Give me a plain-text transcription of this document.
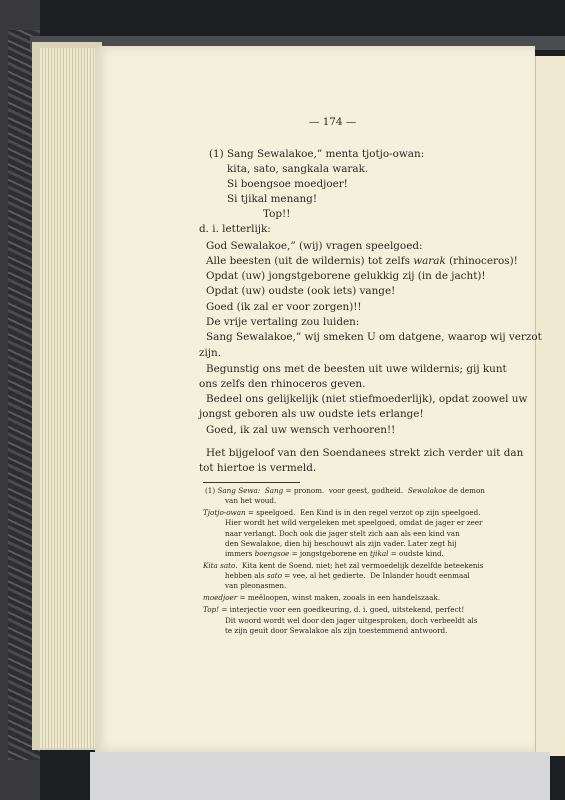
— 174 —
(1) Sang Sewalakoe,” menta tjotjo-owan:
kita, sato, sangkala warak.
Si boengsoe moedjoer!
Si tjikal menang!
Top!!
d. i. letterlijk:
God Sewalakoe,” (wij) vragen speelgoed:
Alle beesten (uit de wildernis) tot zelfs warak (rhinoceros)!
Opdat (uw) jongstgeborene gelukkig zij (in de jacht)!
Opdat (uw) oudste (ook iets) vange!
Goed (ik zal er voor zorgen)!!
De vrije vertaling zou luiden:
Sang Sewalakoe,” wij smeken U om datgene, waarop wij verzot
zijn.
Begunstig ons met de beesten uit uwe wildernis; gij kunt
ons zelfs den rhinoceros geven.
Bedeel ons gelijkelijk (niet stiefmoederlijk), opdat zoowel uw
jongst geboren als uw oudste iets erlange!
Goed, ik zal uw wensch verhooren!!
Het bijgeloof van den Soendanees strekt zich verder uit dan
tot hiertoe is vermeld.
(1) Sang Sewa: Sang = pronom.  voor geest, godheid.  Sewalakoe de demon
van het woud.
Tjotjo-owan = speelgoed.  Een Kind is in den regel verzot op zijn speelgoed.
Hier wordt het wild vergeleken met speelgoed, omdat de jager er zeer
naar verlangt. Doch ook die jager stelt zich aan als een kind van
den Sewalakoe, dien hij beschouwt als zijn vader. Later zegt hij
immers boengsoe = jongstgeborene en tjikal = oudste kind.
Kita sato.  Kita kent de Soend. niet; het zal vermoedelijk dezelfde beteekenis
hebben als sato = vee, al het gedierte.  De Inlander houdt eenmaal
van pleonasmen.
moedjoer = meêloopen, winst maken, zooals in een handelszaak.
Top! = interjectie voor een goedkeuring, d. i. goed, uitstekend, perfect!
Dit woord wordt wel door den jager uitgesproken, doch verbeeldt als
te zijn geuit door Sewalakoe als zijn toestemmend antwoord.
